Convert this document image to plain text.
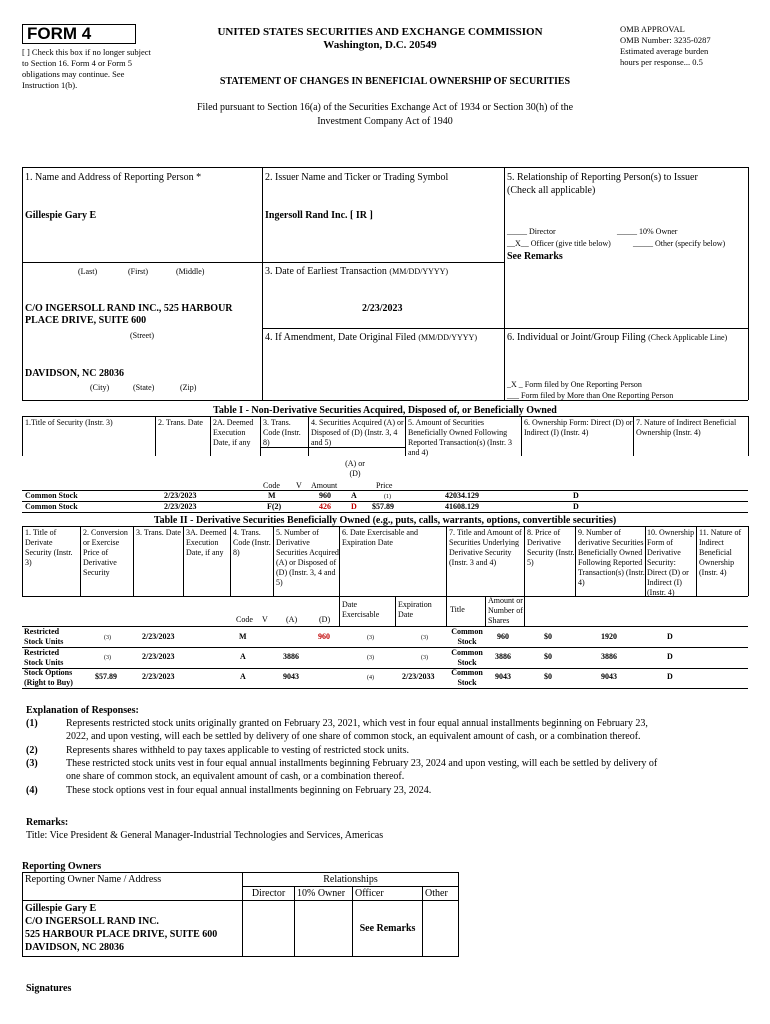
FORM 4
[ ] Check this box if no longer subject to Section 16. Form 4 or Form 5 obligations may continue. See Instruction 1(b).
UNITED STATES SECURITIES AND EXCHANGE COMMISSION
Washington, D.C. 20549
OMB APPROVAL
OMB Number: 3235-0287
Estimated average burden
hours per response... 0.5
STATEMENT OF CHANGES IN BENEFICIAL OWNERSHIP OF SECURITIES
Filed pursuant to Section 16(a) of the Securities Exchange Act of 1934 or Section 30(h) of the
Investment Company Act of 1940
1. Name and Address of Reporting Person *
Gillespie Gary E
(Last)	(First)	(Middle)
C/O INGERSOLL RAND INC., 525 HARBOUR PLACE DRIVE, SUITE 600
(Street)
DAVIDSON, NC 28036
(City)	(State)	(Zip)
2. Issuer Name and Ticker or Trading Symbol
Ingersoll Rand Inc. [ IR ]
3. Date of Earliest Transaction (MM/DD/YYYY)
2/23/2023
4. If Amendment, Date Original Filed (MM/DD/YYYY)
5. Relationship of Reporting Person(s) to Issuer
(Check all applicable)
_____ Director	_____ 10% Owner
__X__ Officer (give title below)	_____ Other (specify below)
See Remarks
6. Individual or Joint/Group Filing (Check Applicable Line)
_X _ Form filed by One Reporting Person
___ Form filed by More than One Reporting Person
Table I - Non-Derivative Securities Acquired, Disposed of, or Beneficially Owned
1.Title of Security (Instr. 3)	2. Trans. Date	2A. Deemed Execution Date, if any
3. Trans. Code (Instr. 8)
4. Securities Acquired (A) or Disposed of (D) (Instr. 3, 4 and 5)
5. Amount of Securities Beneficially Owned Following Reported Transaction(s) (Instr. 3 and 4)
6. Ownership Form: Direct (D) or Indirect (I) (Instr. 4)
7. Nature of Indirect Beneficial Ownership (Instr. 4)
Code V Amount
(A) or (D)
Price
Common Stock	2/23/2023	M	960	A	(1)	42034.129	D
Common Stock	2/23/2023	F(2)	426	D $57.89	41608.129	D
Table II - Derivative Securities Beneficially Owned (e.g., puts, calls, warrants, options, convertible securities)
1. Title of Derivate Security (Instr. 3)
2. Conversion or Exercise Price of Derivative Security
3. Trans. Date 3A. Deemed Execution Date, if any
4. Trans. Code (Instr. 8)
5. Number of Derivative Securities Acquired (A) or Disposed of (D) (Instr. 3, 4 and 5)
6. Date Exercisable and Expiration Date
7. Title and Amount of Securities Underlying Derivative Security (Instr. 3 and 4)
8. Price of Derivative Security (Instr. 5)
9. Number of derivative Securities Beneficially Owned Following Reported Transaction(s) (Instr. 4)
10. Ownership Form of Derivative Security: Direct (D) or Indirect (I) (Instr. 4)
11. Nature of Indirect Beneficial Ownership (Instr. 4)
Code V (A)	(D)
Date Exercisable
Expiration Date
Title
Amount or Number of Shares
Restricted Stock Units	(3)	2/23/2023	M	960	(3)	(3)
Common Stock
960	$0	1920	D
Restricted Stock Units	(3)	2/23/2023	A	3886	(3)	(3)
Common Stock
3886	$0	3886	D
Stock Options (Right to Buy)
$57.89	2/23/2023	A	9043	(4)	2/23/2033 Common Stock
9043	$0	9043	D
Explanation of Responses:
(1)	Represents restricted stock units originally granted on February 23, 2021, which vest in four equal annual installments beginning on February 23,
2022, and upon vesting, will each be settled by delivery of one share of common stock, an equivalent amount of cash, or a combination thereof.
(2)	Represents shares withheld to pay taxes applicable to vesting of restricted stock units.
(3)	These restricted stock units vest in four equal annual installments beginning February 23, 2024 and upon vesting, will each be settled by delivery of
one share of common stock, an equivalent amount of cash, or a combination thereof.
(4)	These stock options vest in four equal annual installments beginning on February 23, 2024.
Remarks:
Title: Vice President & General Manager-Industrial Technologies and Services, Americas
Reporting Owners
Reporting Owner Name / Address	Relationships			
	Director	10% Owner	Officer	Other

Gillespie Gary E
C/O INGERSOLL RAND INC.
525 HARBOUR PLACE DRIVE, SUITE 600
DAVIDSON, NC 28036			See Remarks	
Signatures
